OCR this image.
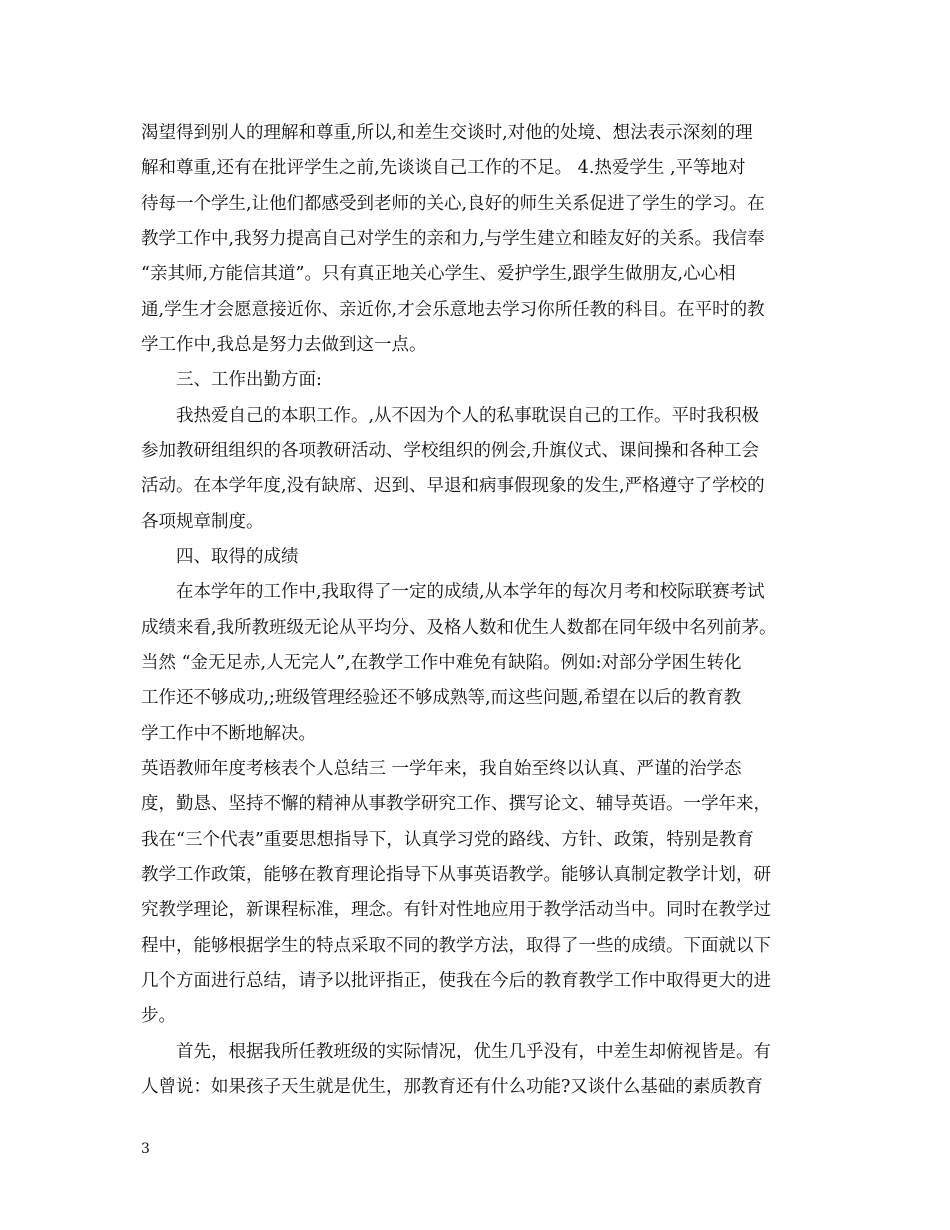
渴望得到别人的理解和尊重,所以,和差生交谈时,对他的处境、想法表示深刻的理
解和尊重,还有在批评学生之前,先谈谈自己工作的不足。 4.热爱学生 ,平等地对
待每一个学生,让他们都感受到老师的关心,良好的师生关系促进了学生的学习。在
教学工作中,我努力提高自己对学生的亲和力,与学生建立和睦友好的关系。我信奉
“亲其师,方能信其道”。只有真正地关心学生、爱护学生,跟学生做朋友,心心相
通,学生才会愿意接近你、亲近你,才会乐意地去学习你所任教的科目。在平时的教
学工作中,我总是努力去做到这一点。
三、工作出勤方面:
我热爱自己的本职工作。,从不因为个人的私事耽误自己的工作。平时我积极
参加教研组组织的各项教研活动、学校组织的例会,升旗仪式、课间操和各种工会
活动。在本学年度,没有缺席、迟到、早退和病事假现象的发生,严格遵守了学校的
各项规章制度。
四、取得的成绩
在本学年的工作中,我取得了一定的成绩,从本学年的每次月考和校际联赛考试
成绩来看,我所教班级无论从平均分、及格人数和优生人数都在同年级中名列前茅。
当然 “金无足赤,人无完人”,在教学工作中难免有缺陷。例如:对部分学困生转化
工作还不够成功,;班级管理经验还不够成熟等,而这些问题,希望在以后的教育教
学工作中不断地解决。
英语教师年度考核表个人总结三 一学年来，我自始至终以认真、严谨的治学态
度，勤恳、坚持不懈的精神从事教学研究工作、撰写论文、辅导英语。一学年来，
我在“三个代表”重要思想指导下，认真学习党的路线、方针、政策，特别是教育
教学工作政策，能够在教育理论指导下从事英语教学。能够认真制定教学计划，研
究教学理论，新课程标准，理念。有针对性地应用于教学活动当中。同时在教学过
程中，能够根据学生的特点采取不同的教学方法，取得了一些的成绩。下面就以下
几个方面进行总结，请予以批评指正，使我在今后的教育教学工作中取得更大的进
步。
首先，根据我所任教班级的实际情况，优生几乎没有，中差生却俯视皆是。有
人曾说：如果孩子天生就是优生，那教育还有什么功能?又谈什么基础的素质教育
3
